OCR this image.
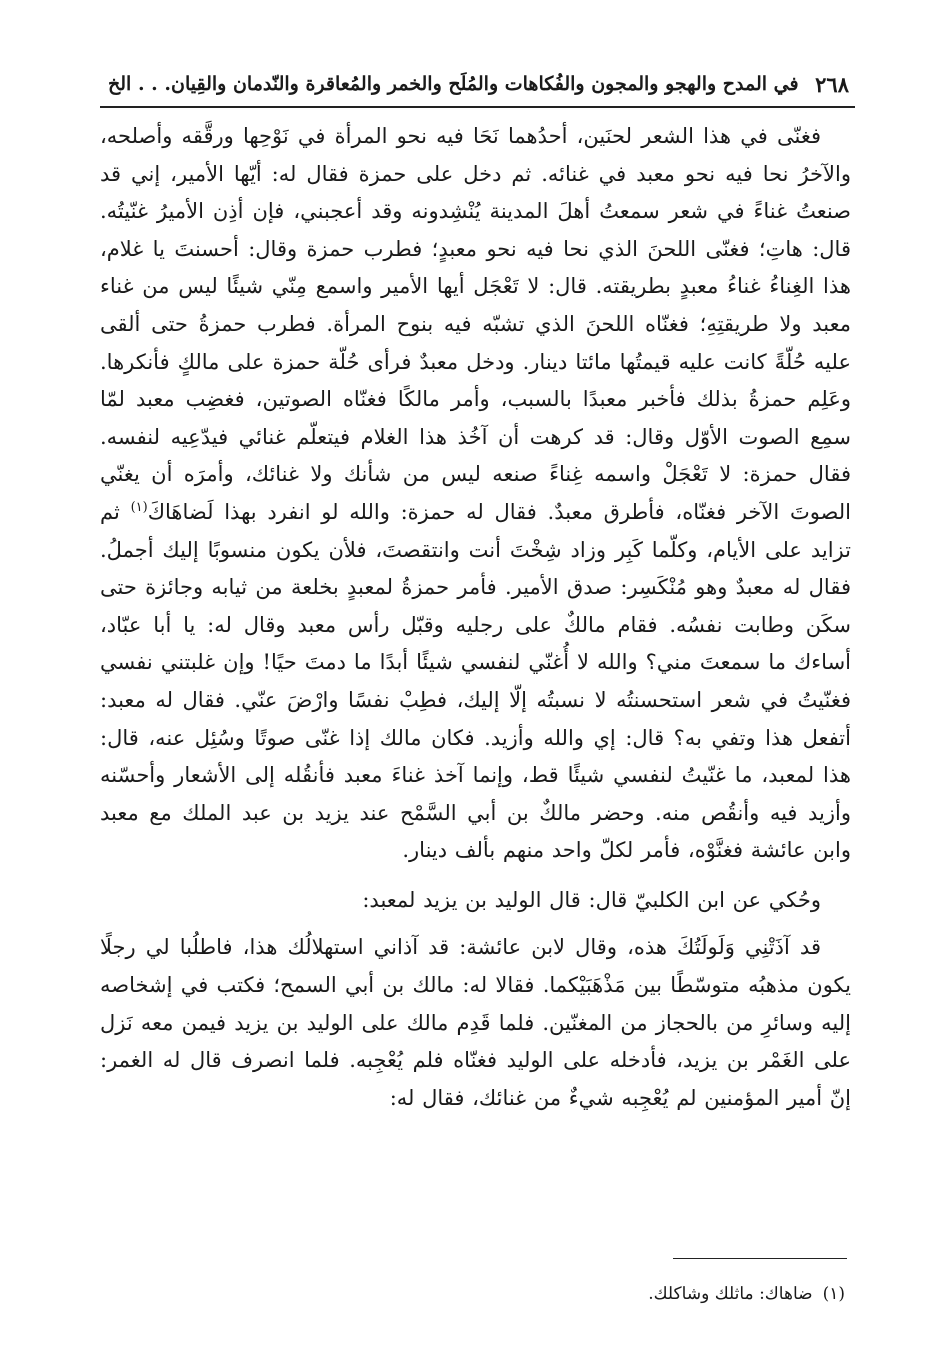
٢٦٨
في المدح والهجو والمجون والفُكاهات والمُلَح والخمر والمُعاقرة والنّدمان والقِيان. . . الخ

فغنّى في هذا الشعر لحنَين، أحدُهما نَحَا فيه نحو المرأة في نَوْحِها ورقَّقه وأصلحه، والآخرُ نحا فيه نحو معبد في غنائه. ثم دخل على حمزة فقال له: أيّها الأمير، إني قد صنعتُ غناءً في شعر سمعتُ أهلَ المدينة يُنْشِدونه وقد أعجبني، فإن أذِن الأميرُ غنّيتُه. قال: هاتِ؛ فغنّى اللحنَ الذي نحا فيه نحو معبدٍ؛ فطرب حمزة وقال: أحسنتَ يا غلام، هذا الغِناءُ غناءُ معبدٍ بطريقته. قال: لا تَعْجَل أيها الأمير واسمع مِنّي شيئًا ليس من غناء معبد ولا طريقتِهِ؛ فغنّاه اللحنَ الذي تشبّه فيه بنوح المرأة. فطرب حمزةُ حتى ألقى عليه حُلّةً كانت عليه قيمتُها مائتا دينار. ودخل معبدٌ فرأى حُلّة حمزة على مالكٍ فأنكرها. وعَلِم حمزةُ بذلك فأخبر معبدًا بالسبب، وأمر مالكًا فغنّاه الصوتين، فغضِب معبد لمّا سمِع الصوت الأوّل وقال: قد كرهت أن آخُذ هذا الغلام فيتعلّم غنائي فيدّعِيه لنفسه. فقال حمزة: لا تَعْجَلْ واسمه غِناءً صنعه ليس من شأنك ولا غنائك، وأمرَه أن يغنّي الصوتَ الآخر فغنّاه، فأطرق معبدٌ. فقال له حمزة: والله لو انفرد بهذا لَضاهَاكَ$^{(١)}$ ثم تزايد على الأيام، وكلّما كَبِر وزاد شِخْتَ أنت وانتقصتَ، فلأن يكون منسوبًا إليك أجملُ. فقال له معبدٌ وهو مُنْكَسِر: صدق الأمير. فأمر حمزةُ لمعبدٍ بخلعة من ثيابه وجائزة حتى سكَن وطابت نفسُه. فقام مالكٌ على رجليه وقبّل رأس معبد وقال له: يا أبا عبّاد، أساءك ما سمعتَ مني؟ والله لا أُغنّي لنفسي شيئًا أبدًا ما دمتَ حيًا! وإن غلبتني نفسي فغنّيتُ في شعر استحسنتُه لا نسبتُه إلّا إليك، فطِبْ نفسًا وارْضَ عنّي. فقال له معبد: أتفعل هذا وتفي به؟ قال: إي والله وأزيد. فكان مالك إذا غنّى صوتًا وسُئِل عنه، قال: هذا لمعبد، ما غنّيتُ لنفسي شيئًا قط، وإنما آخذ غناءَ معبد فأنقُله إلى الأشعار وأحسّنه وأزيد فيه وأنقُص منه. وحضر مالكٌ بن أبي السَّمْح عند يزيد بن عبد الملك مع معبد وابن عائشة فغنَّوْه، فأمر لكلّ واحد منهم بألف دينار.

وحُكي عن ابن الكلبيّ قال: قال الوليد بن يزيد لمعبد:

قد آذَتْنِي وَلَولَتُكَ هذه، وقال لابن عائشة: قد آذاني استهلالُك هذا، فاطلُبا لي رجلًا يكون مذهبُه متوسّطًا بين مَذْهَبَيْكما. فقالا له: مالك بن أبي السمح؛ فكتب في إشخاصه إليه وسائرِ من بالحجاز من المغنّين. فلما قَدِم مالك على الوليد بن يزيد فيمن معه نَزل على الغَمْر بن يزيد، فأدخله على الوليد فغنّاه فلم يُعْجِبه. فلما انصرف قال له الغمر: إنّ أمير المؤمنين لم يُعْجِبه شيءٌ من غنائك، فقال له:

(١)ضاهاك: ماثلك وشاكلك.
